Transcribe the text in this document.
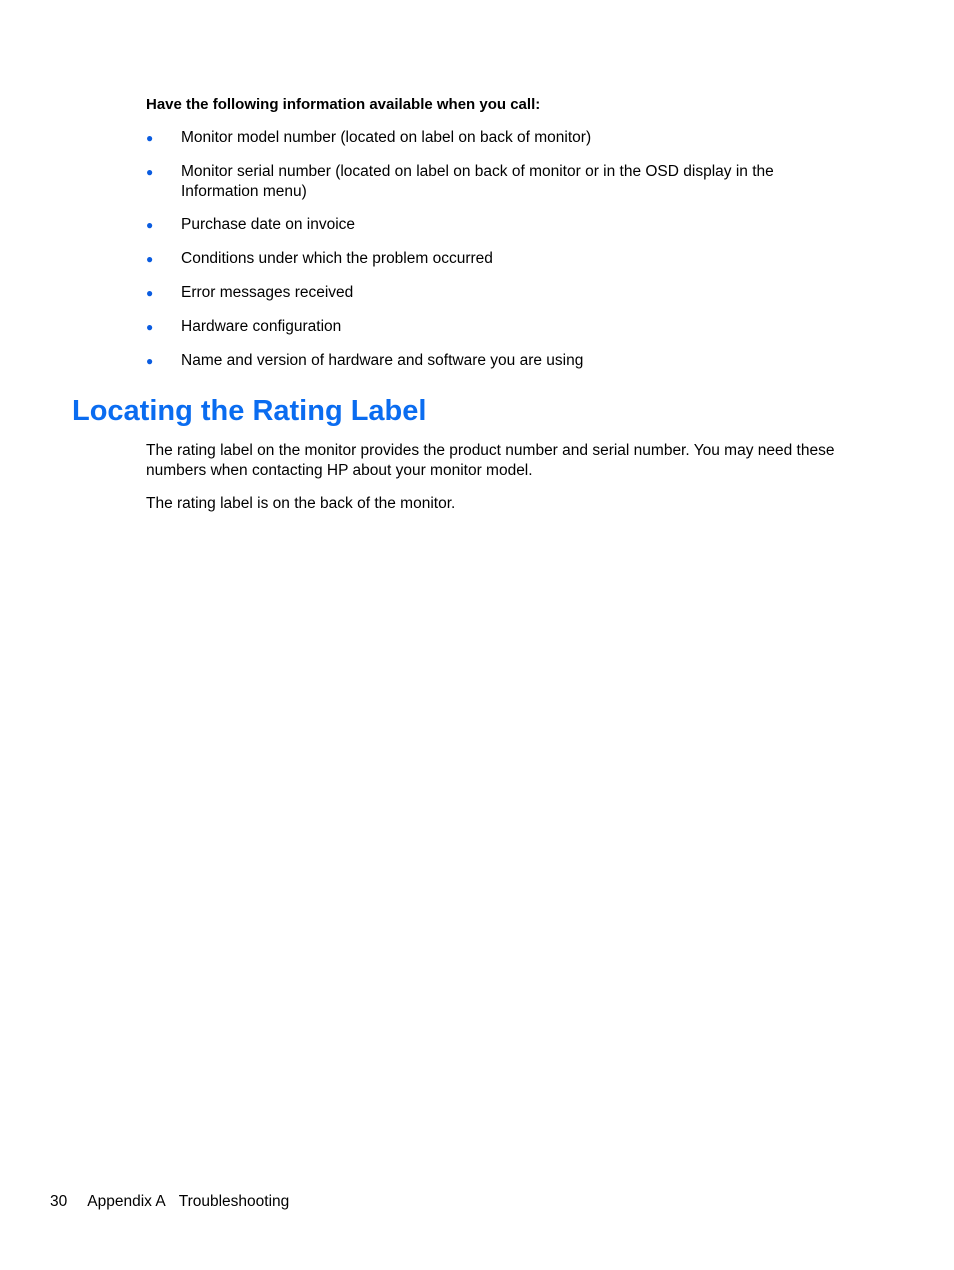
Have the following information available when you call:

● Monitor model number (located on label on back of monitor)
● Monitor serial number (located on label on back of monitor or in the OSD display in the Information menu)
● Purchase date on invoice
● Conditions under which the problem occurred
● Error messages received
● Hardware configuration
● Name and version of hardware and software you are using
Locating the Rating Label

The rating label on the monitor provides the product number and serial number. You may need these numbers when contacting HP about your monitor model.

The rating label is on the back of the monitor.

30 Appendix A Troubleshooting
